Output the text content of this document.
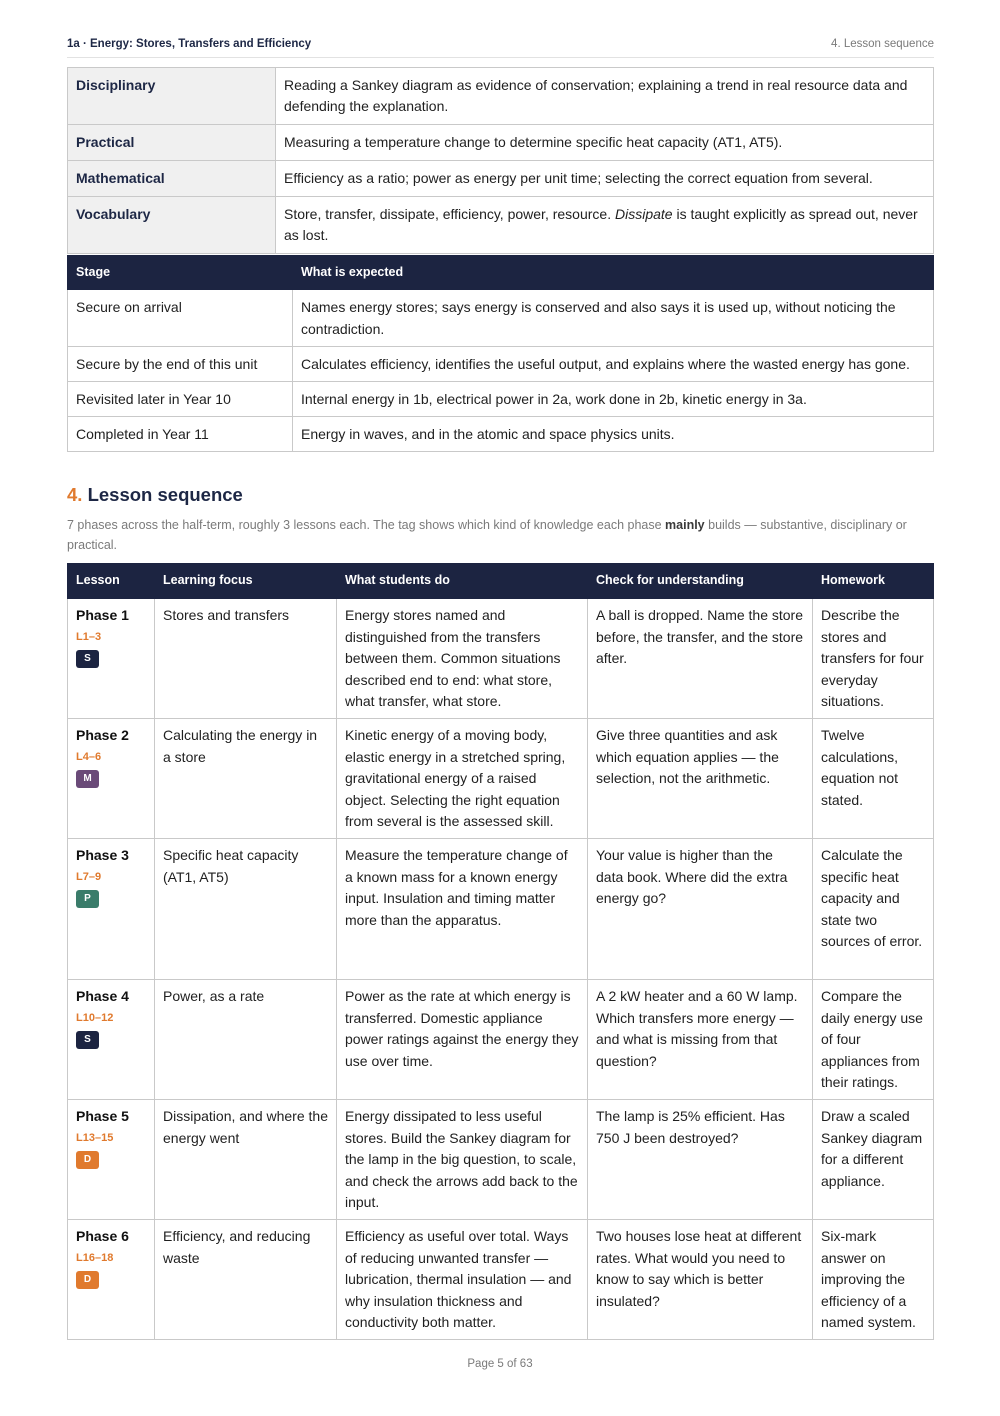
1a · Energy: Stores, Transfers and Efficiency	4. Lesson sequence
Disciplinary	Reading a Sankey diagram as evidence of conservation; explaining a trend in real resource data and defending the explanation.
Practical	Measuring a temperature change to determine specific heat capacity (AT1, AT5).
Mathematical	Efficiency as a ratio; power as energy per unit time; selecting the correct equation from several.
Vocabulary	Store, transfer, dissipate, efficiency, power, resource. Dissipate is taught explicitly as spread out, never as lost.
Stage	What is expected
Secure on arrival	Names energy stores; says energy is conserved and also says it is used up, without noticing the contradiction.
Secure by the end of this unit	Calculates efficiency, identifies the useful output, and explains where the wasted energy has gone.
Revisited later in Year 10	Internal energy in 1b, electrical power in 2a, work done in 2b, kinetic energy in 3a.
Completed in Year 11	Energy in waves, and in the atomic and space physics units.
4. Lesson sequence
7 phases across the half-term, roughly 3 lessons each. The tag shows which kind of knowledge each phase mainly builds — substantive, disciplinary or practical.
Lesson	Learning focus	What students do	Check for understanding	Homework

Phase 1
L1–3
S	Stores and transfers	Energy stores named and distinguished from the transfers between them. Common situations described end to end: what store, what transfer, what store.	A ball is dropped. Name the store before, the transfer, and the store after.	Describe the stores and transfers for four everyday situations.

Phase 2
L4–6
M	Calculating the energy in a store	Kinetic energy of a moving body, elastic energy in a stretched spring, gravitational energy of a raised object. Selecting the right equation from several is the assessed skill.	Give three quantities and ask which equation applies — the selection, not the arithmetic.	Twelve calculations, equation not stated.

Phase 3
L7–9
P	Specific heat capacity (AT1, AT5)	Measure the temperature change of a known mass for a known energy input. Insulation and timing matter more than the apparatus.	Your value is higher than the data book. Where did the extra energy go?	Calculate the specific heat capacity and state two sources of error.

Phase 4
L10–12
S	Power, as a rate	Power as the rate at which energy is transferred. Domestic appliance power ratings against the energy they use over time.	A 2 kW heater and a 60 W lamp. Which transfers more energy — and what is missing from that question?	Compare the daily energy use of four appliances from their ratings.

Phase 5
L13–15
D	Dissipation, and where the energy went	Energy dissipated to less useful stores. Build the Sankey diagram for the lamp in the big question, to scale, and check the arrows add back to the input.	The lamp is 25% efficient. Has 750 J been destroyed?	Draw a scaled Sankey diagram for a different appliance.

Phase 6
L16–18
D	Efficiency, and reducing waste	Efficiency as useful over total. Ways of reducing unwanted transfer — lubrication, thermal insulation — and why insulation thickness and conductivity both matter.	Two houses lose heat at different rates. What would you need to know to say which is better insulated?	Six-mark answer on improving the efficiency of a named system.
Page 5 of 63
